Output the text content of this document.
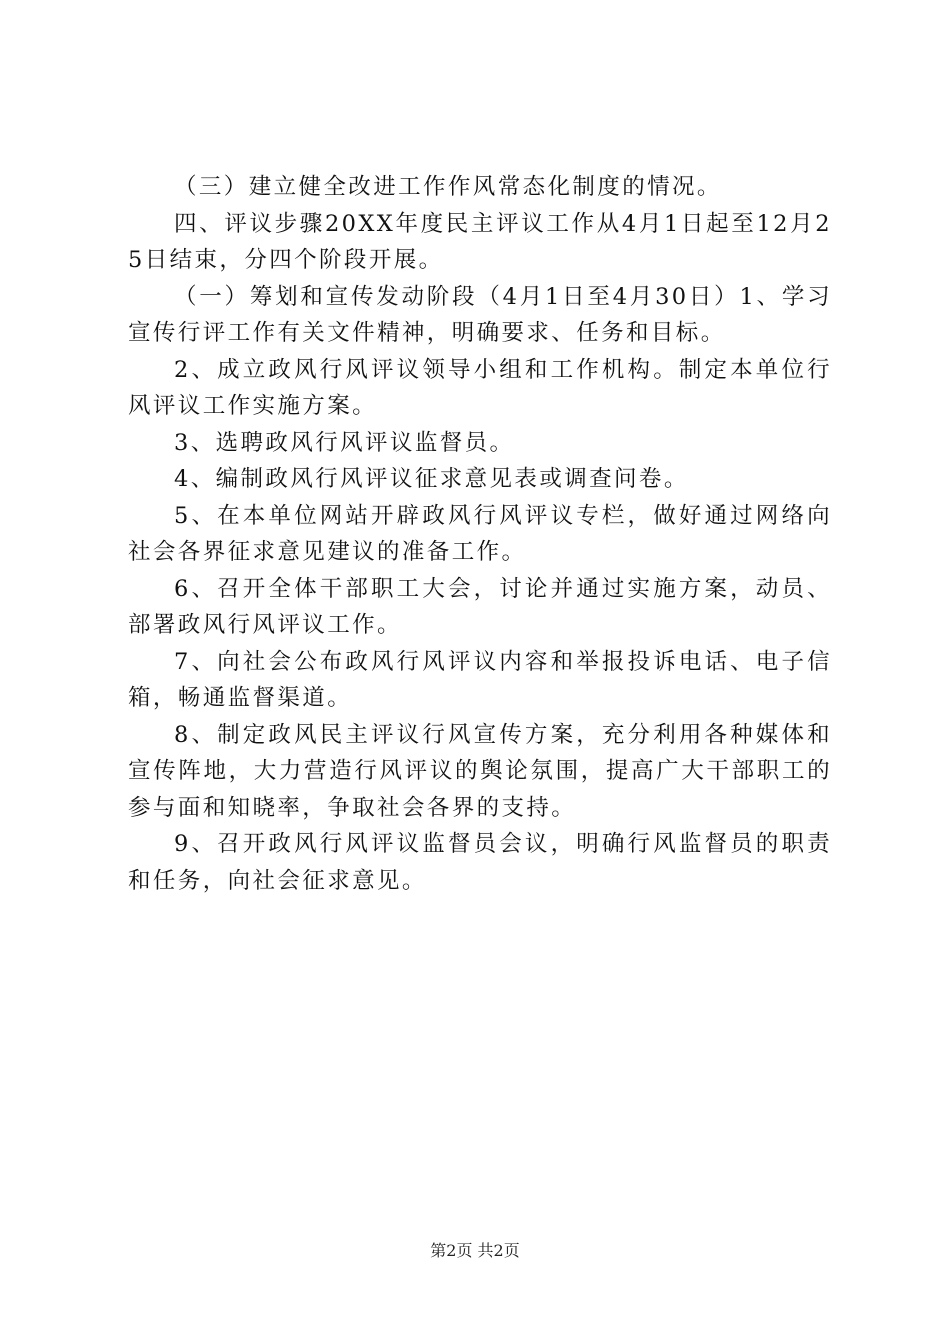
（三）建立健全改进工作作风常态化制度的情况。

四、评议步骤20XX年度民主评议工作从4月1日起至12月25日结束，分四个阶段开展。

（一）筹划和宣传发动阶段（4月1日至4月30日）1、学习宣传行评工作有关文件精神，明确要求、任务和目标。

2、成立政风行风评议领导小组和工作机构。制定本单位行风评议工作实施方案。

3、选聘政风行风评议监督员。

4、编制政风行风评议征求意见表或调查问卷。

5、在本单位网站开辟政风行风评议专栏，做好通过网络向社会各界征求意见建议的准备工作。

6、召开全体干部职工大会，讨论并通过实施方案，动员、部署政风行风评议工作。

7、向社会公布政风行风评议内容和举报投诉电话、电子信箱，畅通监督渠道。

8、制定政风民主评议行风宣传方案，充分利用各种媒体和宣传阵地，大力营造行风评议的舆论氛围，提高广大干部职工的参与面和知晓率，争取社会各界的支持。

9、召开政风行风评议监督员会议，明确行风监督员的职责和任务，向社会征求意见。

第2页 共2页
